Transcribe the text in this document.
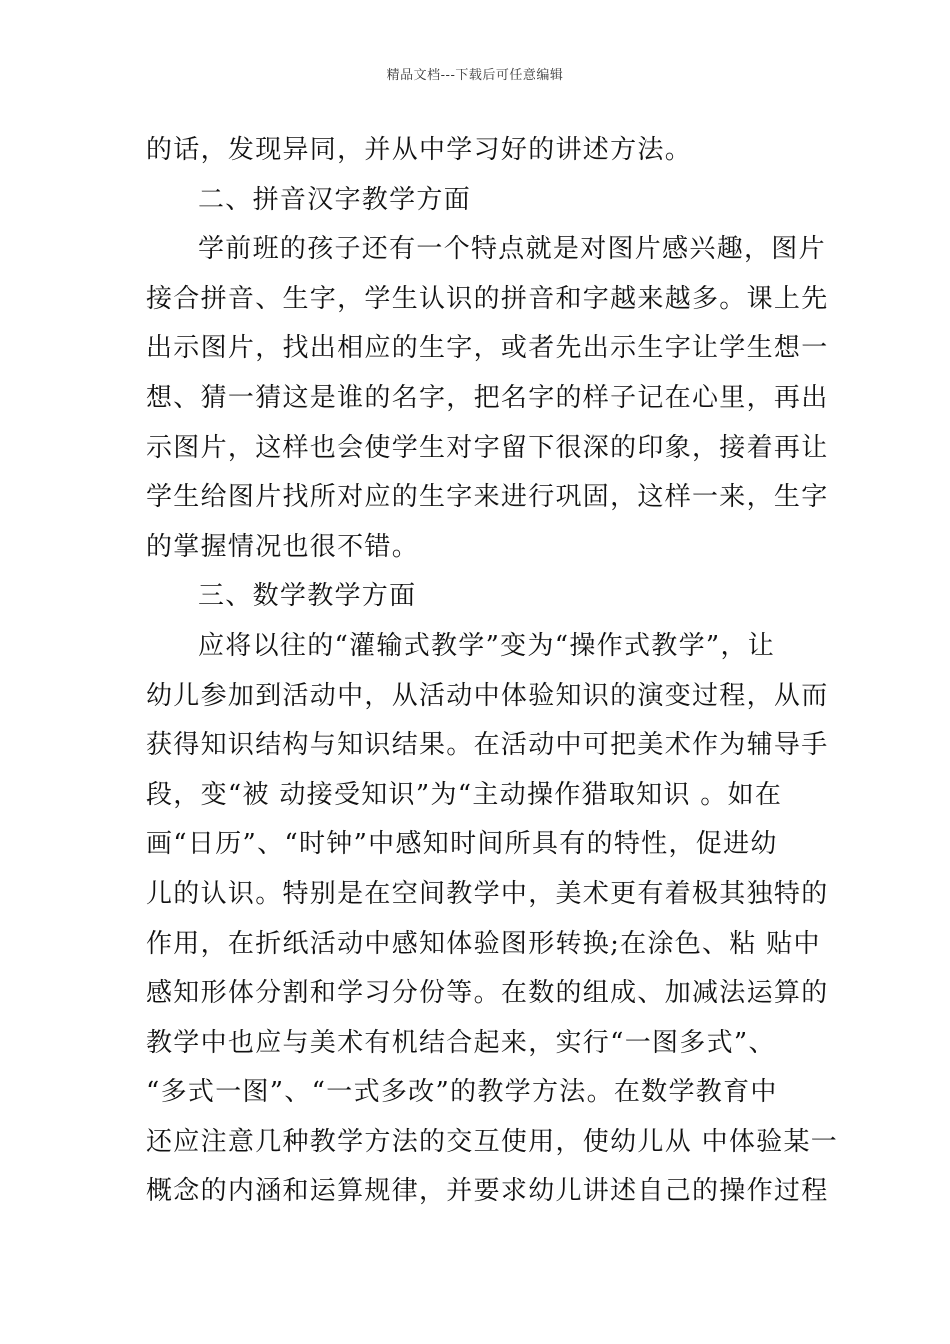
精品文档---下载后可任意编辑
的话，发现异同，并从中学习好的讲述方法。
二、拼音汉字教学方面
学前班的孩子还有一个特点就是对图片感兴趣，图片
接合拼音、生字，学生认识的拼音和字越来越多。课上先
出示图片，找出相应的生字，或者先出示生字让学生想一
想、猜一猜这是谁的名字，把名字的样子记在心里，再出
示图片，这样也会使学生对字留下很深的印象，接着再让
学生给图片找所对应的生字来进行巩固，这样一来，生字
的掌握情况也很不错。
三、数学教学方面
应将以往的“灌输式教学”变为“操作式教学”，让
幼儿参加到活动中，从活动中体验知识的演变过程，从而
获得知识结构与知识结果。在活动中可把美术作为辅导手
段，变“被 动接受知识”为“主动操作猎取知识 。如在
画“日历”、“时钟”中感知时间所具有的特性，促进幼
儿的认识。特别是在空间教学中，美术更有着极其独特的
作用，在折纸活动中感知体验图形转换;在涂色、粘 贴中
感知形体分割和学习分份等。在数的组成、加减法运算的
教学中也应与美术有机结合起来，实行“一图多式”、
“多式一图”、“一式多改”的教学方法。在数学教育中
还应注意几种教学方法的交互使用，使幼儿从 中体验某一
概念的内涵和运算规律，并要求幼儿讲述自己的操作过程
